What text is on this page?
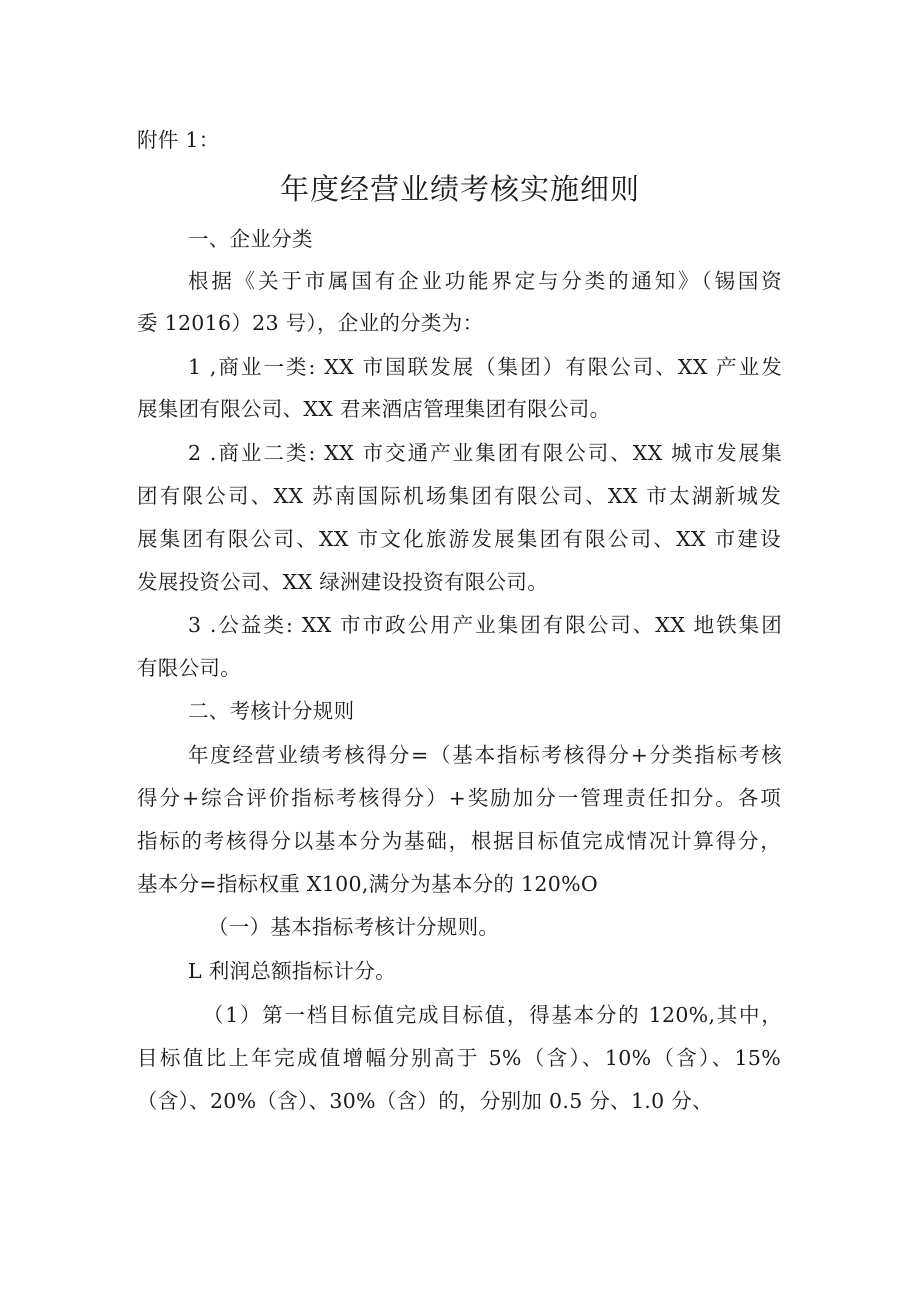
附件 1：
年度经营业绩考核实施细则
一、企业分类
根据《关于市属国有企业功能界定与分类的通知》（锡国资
委 12016）23 号），企业的分类为：
1 ,商业一类: XX 市国联发展（集团）有限公司、XX 产业发
展集团有限公司、XX 君来酒店管理集团有限公司。
2 .商业二类: XX 市交通产业集团有限公司、XX 城市发展集
团有限公司、XX 苏南国际机场集团有限公司、XX 市太湖新城发
展集团有限公司、XX 市文化旅游发展集团有限公司、XX 市建设
发展投资公司、XX 绿洲建设投资有限公司。
3 .公益类: XX 市市政公用产业集团有限公司、XX 地铁集团
有限公司。
二、考核计分规则
年度经营业绩考核得分=（基本指标考核得分+分类指标考核
得分+综合评价指标考核得分）+奖励加分一管理责任扣分。各项
指标的考核得分以基本分为基础，根据目标值完成情况计算得分，
基本分=指标权重 X100,满分为基本分的 120%O
（一）基本指标考核计分规则。
L 利润总额指标计分。
（1）第一档目标值完成目标值，得基本分的 120%,其中，
目标值比上年完成值增幅分别高于 5%（含）、10%（含）、15%
（含）、20%（含）、30%（含）的，分别加 0.5 分、1.0 分、
